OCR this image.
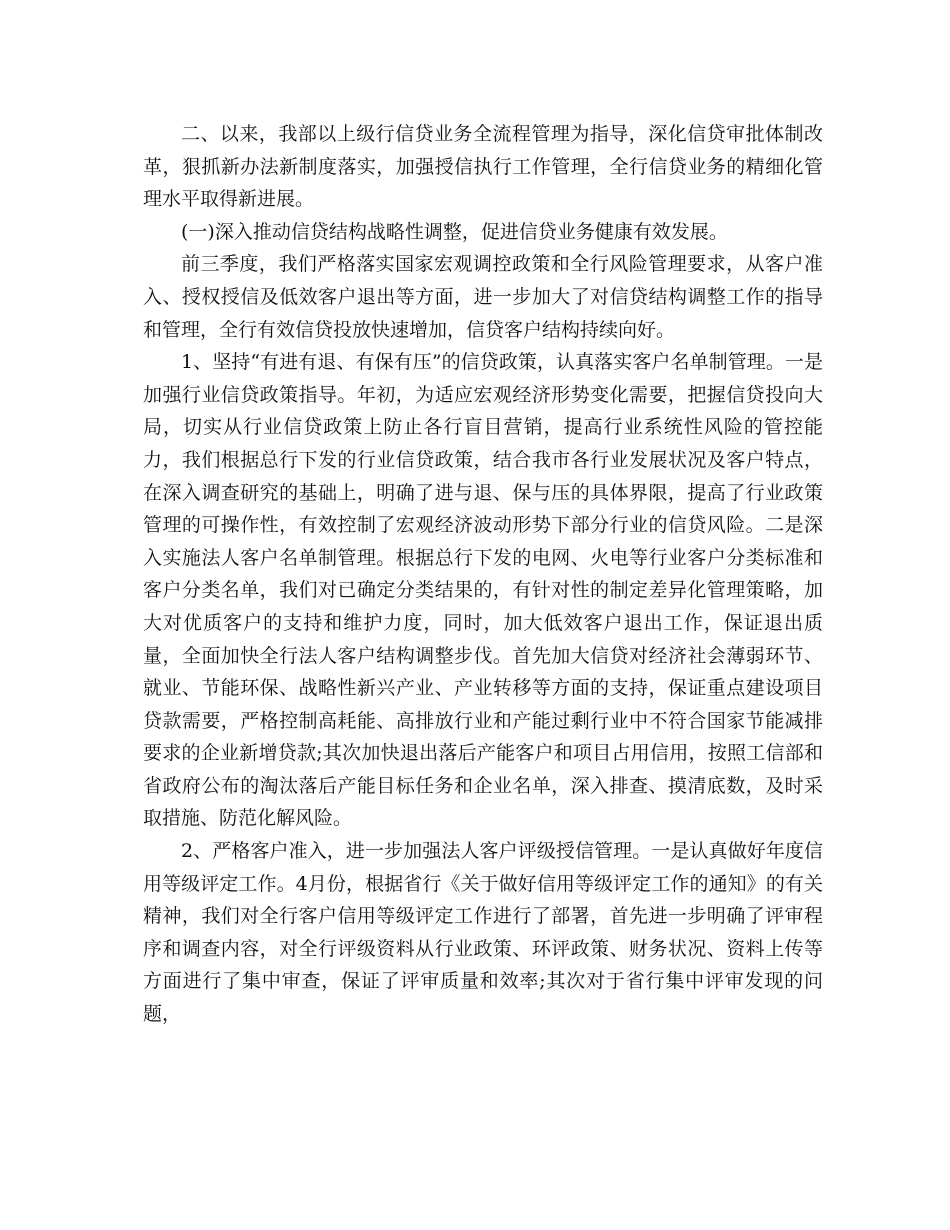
二、以来，我部以上级行信贷业务全流程管理为指导，深化信贷审批体制改革，狠抓新办法新制度落实，加强授信执行工作管理，全行信贷业务的精细化管理水平取得新进展。

(一)深入推动信贷结构战略性调整，促进信贷业务健康有效发展。

前三季度，我们严格落实国家宏观调控政策和全行风险管理要求，从客户准入、授权授信及低效客户退出等方面，进一步加大了对信贷结构调整工作的指导和管理，全行有效信贷投放快速增加，信贷客户结构持续向好。

1、坚持“有进有退、有保有压”的信贷政策，认真落实客户名单制管理。一是加强行业信贷政策指导。年初，为适应宏观经济形势变化需要，把握信贷投向大局，切实从行业信贷政策上防止各行盲目营销，提高行业系统性风险的管控能力，我们根据总行下发的行业信贷政策，结合我市各行业发展状况及客户特点，在深入调查研究的基础上，明确了进与退、保与压的具体界限，提高了行业政策管理的可操作性，有效控制了宏观经济波动形势下部分行业的信贷风险。二是深入实施法人客户名单制管理。根据总行下发的电网、火电等行业客户分类标准和客户分类名单，我们对已确定分类结果的，有针对性的制定差异化管理策略，加大对优质客户的支持和维护力度，同时，加大低效客户退出工作，保证退出质量，全面加快全行法人客户结构调整步伐。首先加大信贷对经济社会薄弱环节、就业、节能环保、战略性新兴产业、产业转移等方面的支持，保证重点建设项目贷款需要，严格控制高耗能、高排放行业和产能过剩行业中不符合国家节能减排要求的企业新增贷款;其次加快退出落后产能客户和项目占用信用，按照工信部和省政府公布的淘汰落后产能目标任务和企业名单，深入排查、摸清底数，及时采取措施、防范化解风险。

2、严格客户准入，进一步加强法人客户评级授信管理。一是认真做好年度信用等级评定工作。4月份，根据省行《关于做好信用等级评定工作的通知》的有关精神，我们对全行客户信用等级评定工作进行了部署，首先进一步明确了评审程序和调查内容，对全行评级资料从行业政策、环评政策、财务状况、资料上传等方面进行了集中审查，保证了评审质量和效率;其次对于省行集中评审发现的问题，
